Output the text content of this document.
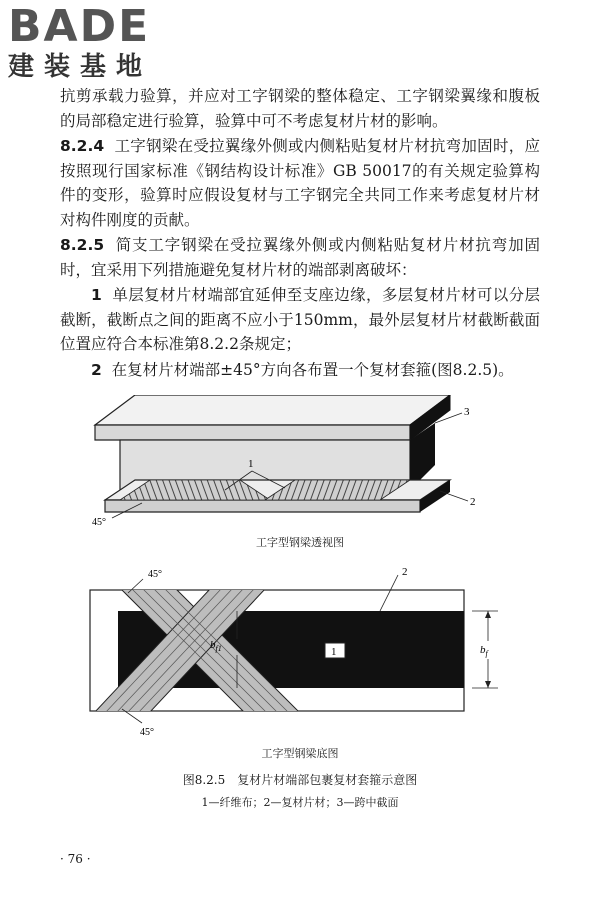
BADE
建装基地

抗剪承载力验算，并应对工字钢梁的整体稳定、工字钢梁翼缘和腹板的局部稳定进行验算，验算中可不考虑复材片材的影响。

8.2.4 工字钢梁在受拉翼缘外侧或内侧粘贴复材片材抗弯加固时，应按照现行国家标准《钢结构设计标准》GB 50017的有关规定验算构件的变形，验算时应假设复材与工字钢完全共同工作来考虑复材片材对构件刚度的贡献。

8.2.5 简支工字钢梁在受拉翼缘外侧或内侧粘贴复材片材抗弯加固时，宜采用下列措施避免复材片材的端部剥离破坏：

1 单层复材片材端部宜延伸至支座边缘，多层复材片材可以分层截断，截断点之间的距离不应小于150mm，最外层复材片材截断截面位置应符合本标准第8.2.2条规定；

2 在复材片材端部±45°方向各布置一个复材套箍(图8.2.5)。

1
3
2
45°
工字型钢梁透视图
$b_{f1}$	1
2
45°
45°
$b_f$
工字型钢梁底图
图8.2.5　复材片材端部包裹复材套箍示意图
1—纤维布；2—复材片材；3—跨中截面
· 76 ·
